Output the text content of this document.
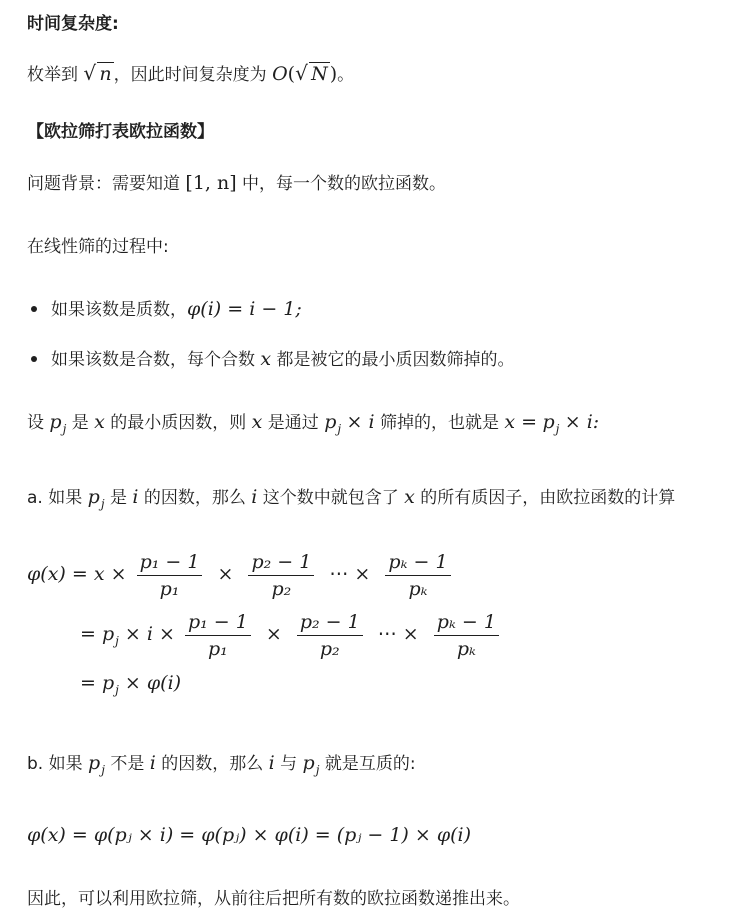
时间复杂度:
枚举到 √ n ，因此时间复杂度为 O( √ N )。
【欧拉筛打表欧拉函数】
问题背景：需要知道 [1, n] 中，每一个数的欧拉函数。
在线性筛的过程中:
如果该数是质数，φ(i) = i − 1;
如果该数是合数，每个合数 x 都是被它的最小质因数筛掉的。
设 $p_j$ 是 x 的最小质因数，则 x 是通过 $p_j \times i$ 筛掉的，也就是 $x = p_j \times i$:
a. 如果 $p_j$ 是 i 的因数，那么 i 这个数中就包含了 x 的所有质因子，由欧拉函数的计算
$\varphi(x) = x \times \frac{\text{p₁ − 1}}{\text{p₁}} \times \frac{\text{p₂ − 1}}{\text{p₂}}$ ⋯ × $\frac{\text{pₖ − 1}}{\text{pₖ}}$
= $p_j \times i \times \frac{\text{p₁ − 1}}{\text{p₁}} \times \frac{\text{p₂ − 1}}{\text{p₂}}$ ⋯ × $\frac{\text{pₖ − 1}}{\text{pₖ}}$
= $p_j \times \varphi(i)$
b. 如果 $p_j$ 不是 i 的因数，那么 i 与 $p_j$ 就是互质的:
φ(x) = φ(pⱼ × i) = φ(pⱼ) × φ(i) = (pⱼ − 1) × φ(i)
因此，可以利用欧拉筛，从前往后把所有数的欧拉函数递推出来。
